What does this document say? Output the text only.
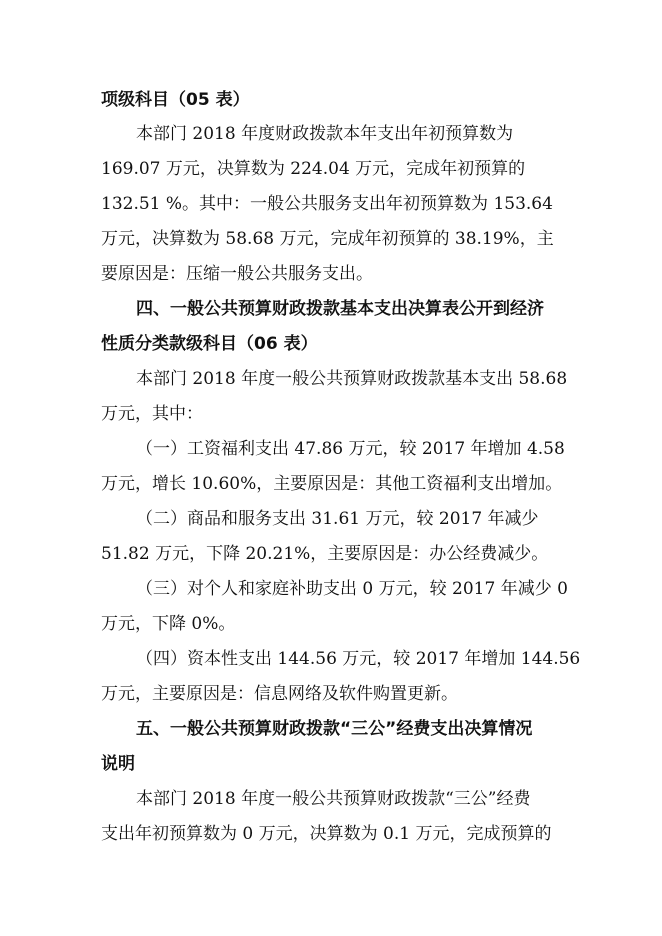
项级科目（05 表）
本部门 2018 年度财政拨款本年支出年初预算数为
169.07 万元，决算数为 224.04 万元，完成年初预算的
132.51 %。其中：一般公共服务支出年初预算数为 153.64
万元，决算数为 58.68 万元，完成年初预算的 38.19%，主
要原因是：压缩一般公共服务支出。
四、一般公共预算财政拨款基本支出决算表公开到经济
性质分类款级科目（06 表）
本部门 2018 年度一般公共预算财政拨款基本支出 58.68
万元，其中：
（一）工资福利支出 47.86 万元，较 2017 年增加 4.58
万元，增长 10.60%，主要原因是：其他工资福利支出增加。
（二）商品和服务支出 31.61 万元，较 2017 年减少
51.82 万元，下降 20.21%，主要原因是：办公经费减少。
（三）对个人和家庭补助支出 0 万元，较 2017 年减少 0
万元，下降 0%。
（四）资本性支出 144.56 万元，较 2017 年增加 144.56
万元，主要原因是：信息网络及软件购置更新。
五、一般公共预算财政拨款“三公”经费支出决算情况
说明
本部门 2018 年度一般公共预算财政拨款“三公”经费
支出年初预算数为 0 万元，决算数为 0.1 万元，完成预算的
